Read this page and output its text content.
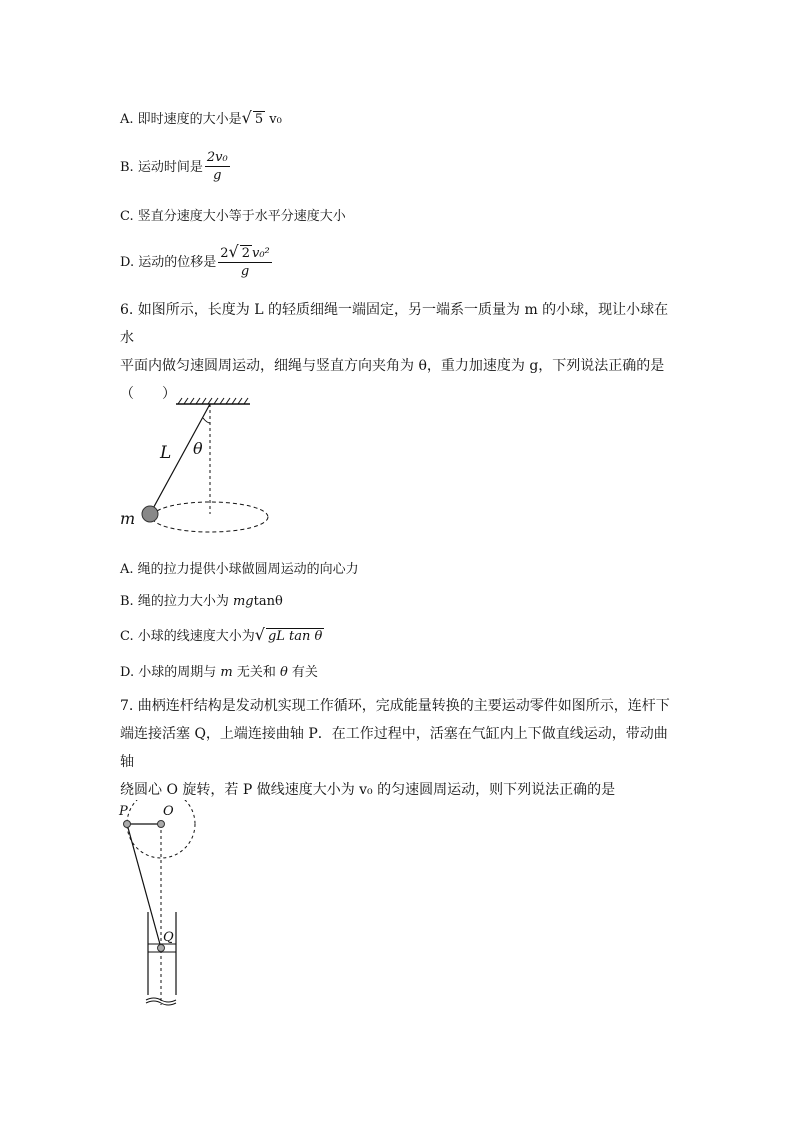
A. 即时速度的大小是√ 5 v₀
B. 运动时间是 $\frac{\text{2v₀}}{g}$
C. 竖直分速度大小等于水平分速度大小
D. 运动的位移是 $\frac{\text{2√ 2 v₀²}}{g}$
6. 如图所示，长度为 L 的轻质细绳一端固定，另一端系一质量为 m 的小球，现让小球在水
平面内做匀速圆周运动，细绳与竖直方向夹角为 θ，重力加速度为 g，下列说法正确的是
（　　）
L θ
m
A. 绳的拉力提供小球做圆周运动的向心力
B. 绳的拉力大小为 mgtanθ
C. 小球的线速度大小为√ gL tan θ
D. 小球的周期与 m 无关和 θ 有关
7. 曲柄连杆结构是发动机实现工作循环，完成能量转换的主要运动零件如图所示，连杆下
端连接活塞 Q，上端连接曲轴 P．在工作过程中，活塞在气缸内上下做直线运动，带动曲轴
绕圆心 O 旋转，若 P 做线速度大小为 v₀ 的匀速圆周运动，则下列说法正确的是
P	O
Q
